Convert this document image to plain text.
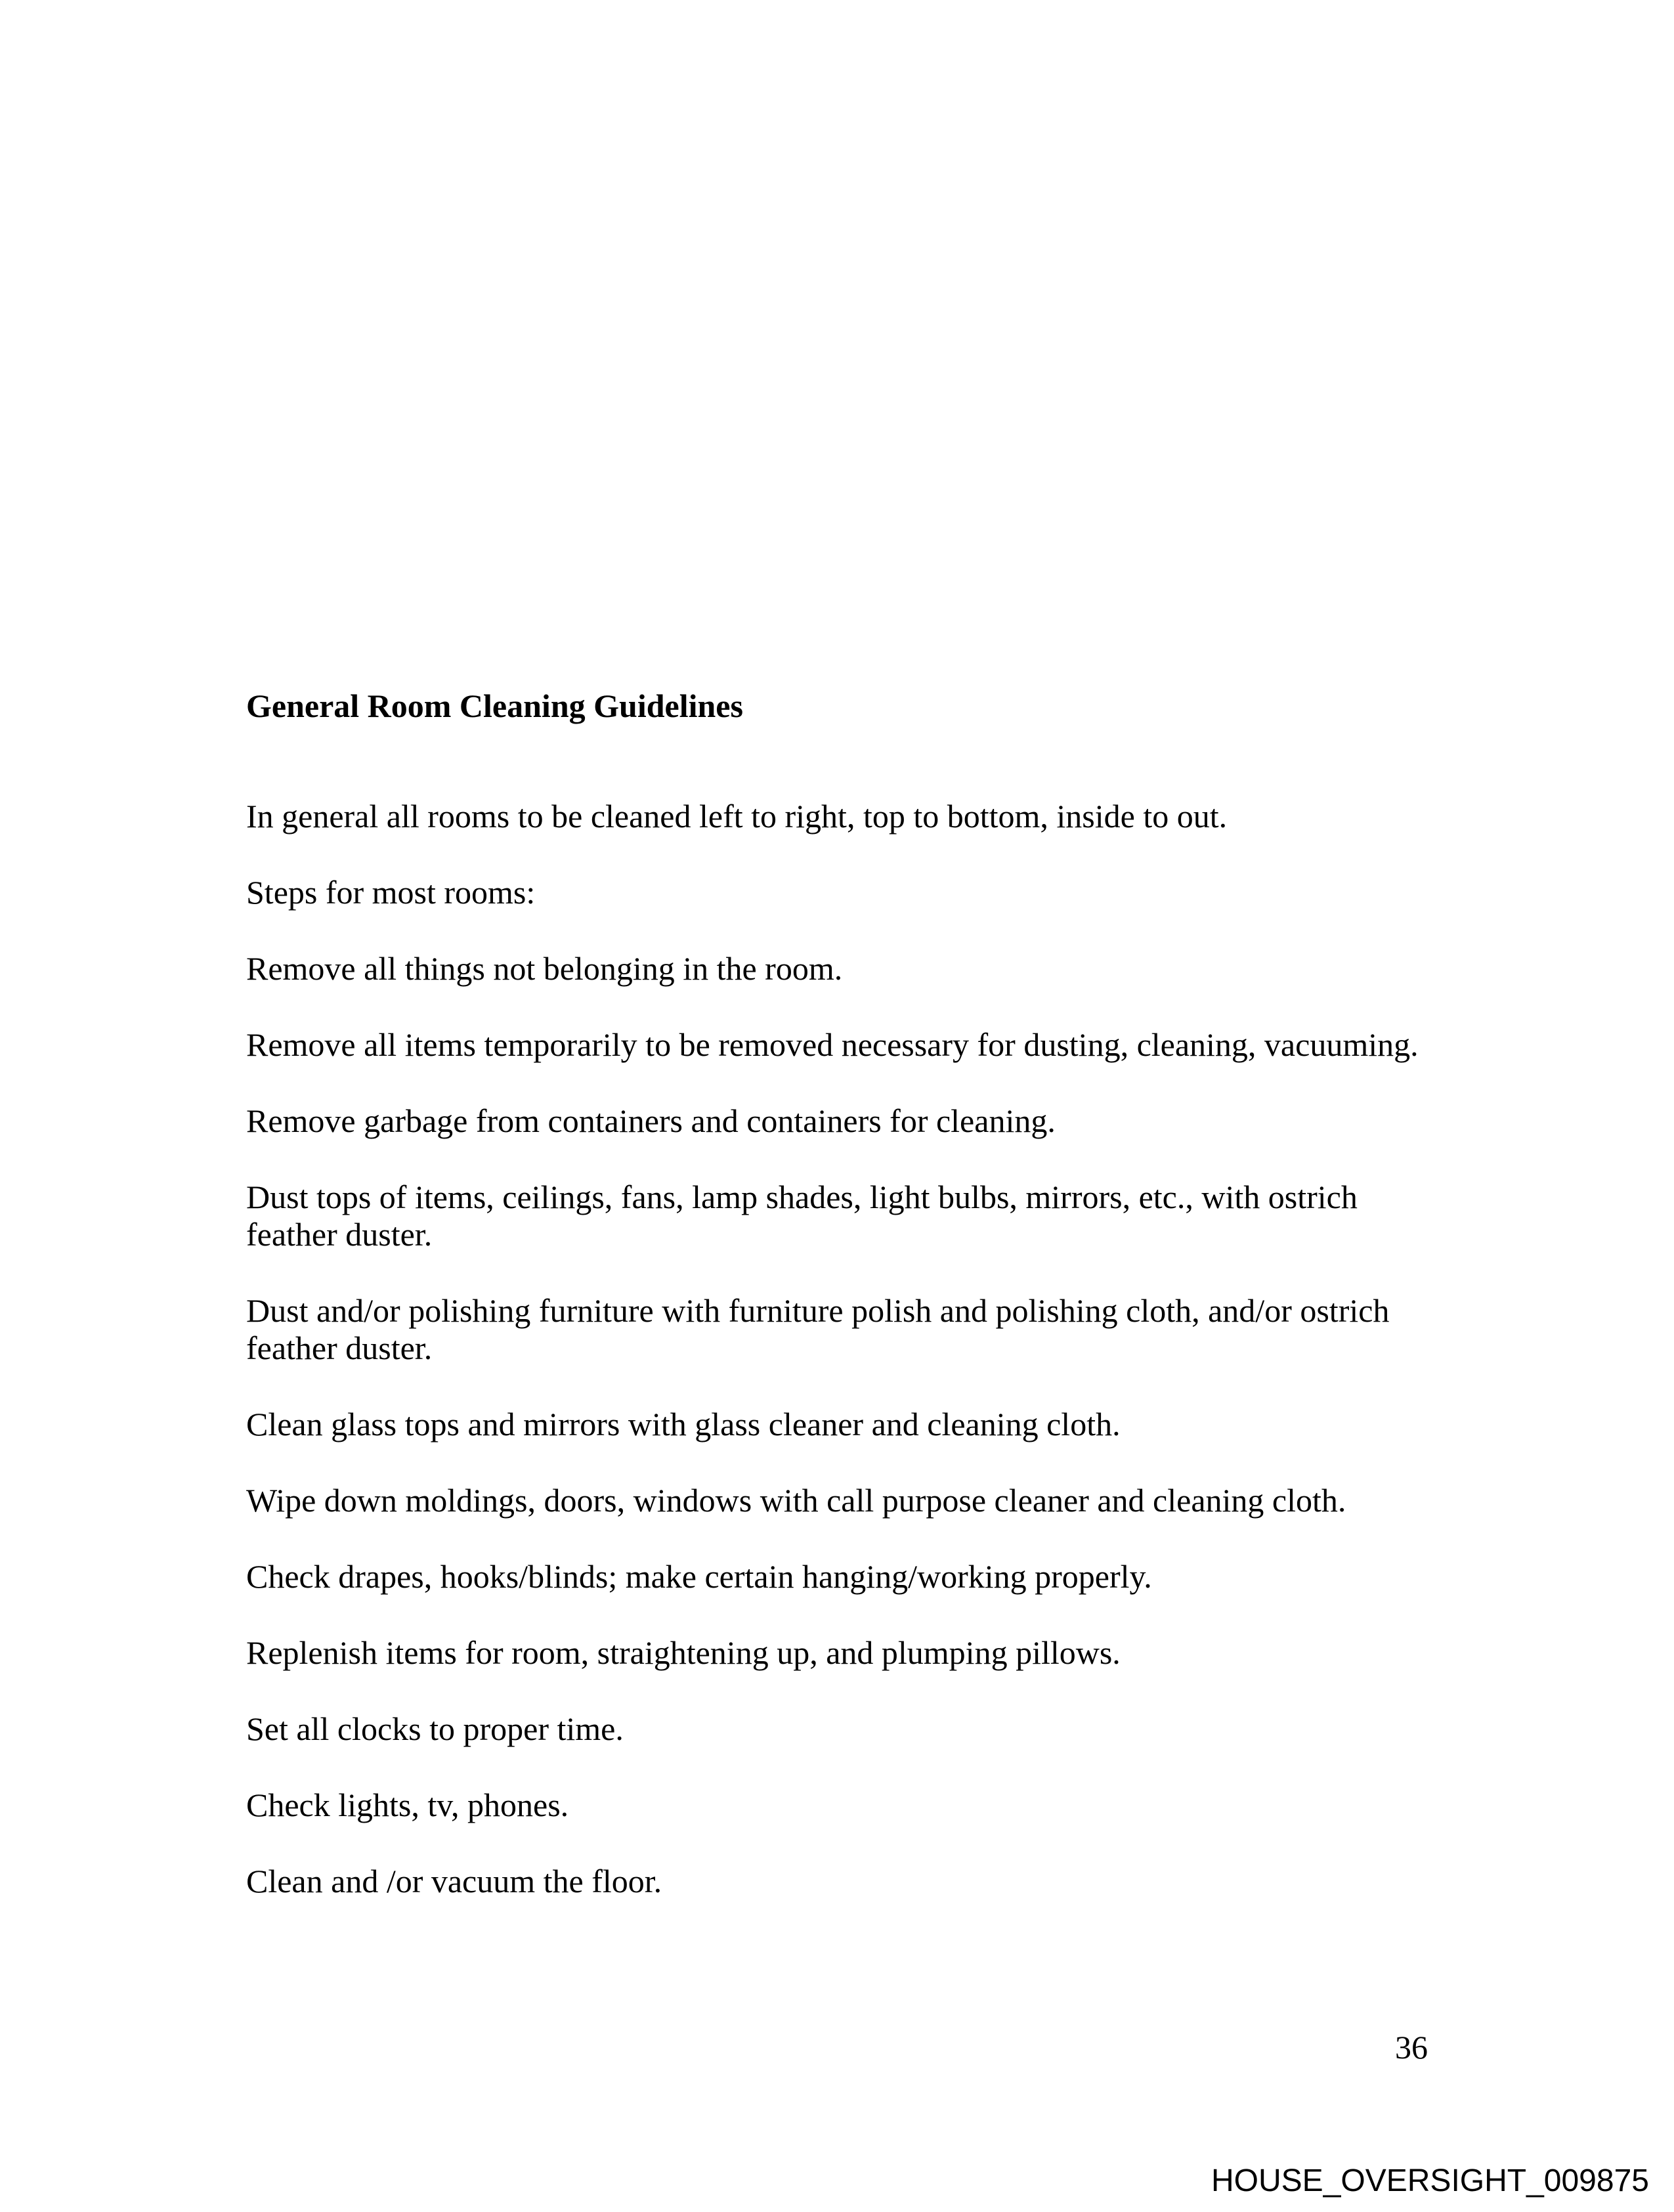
General Room Cleaning Guidelines

In general all rooms to be cleaned left to right, top to bottom, inside to out.

Steps for most rooms:

Remove all things not belonging in the room.

Remove all items temporarily to be removed necessary for dusting, cleaning, vacuuming.

Remove garbage from containers and containers for cleaning.

Dust tops of items, ceilings, fans, lamp shades, light bulbs, mirrors, etc., with ostrich feather duster.

Dust and/or polishing furniture with furniture polish and polishing cloth, and/or ostrich feather duster.

Clean glass tops and mirrors with glass cleaner and cleaning cloth.

Wipe down moldings, doors, windows with call purpose cleaner and cleaning cloth.

Check drapes, hooks/blinds; make certain hanging/working properly.

Replenish items for room, straightening up, and plumping pillows.

Set all clocks to proper time.

Check lights, tv, phones.

Clean and /or vacuum the floor.

36
HOUSE_OVERSIGHT_009875
